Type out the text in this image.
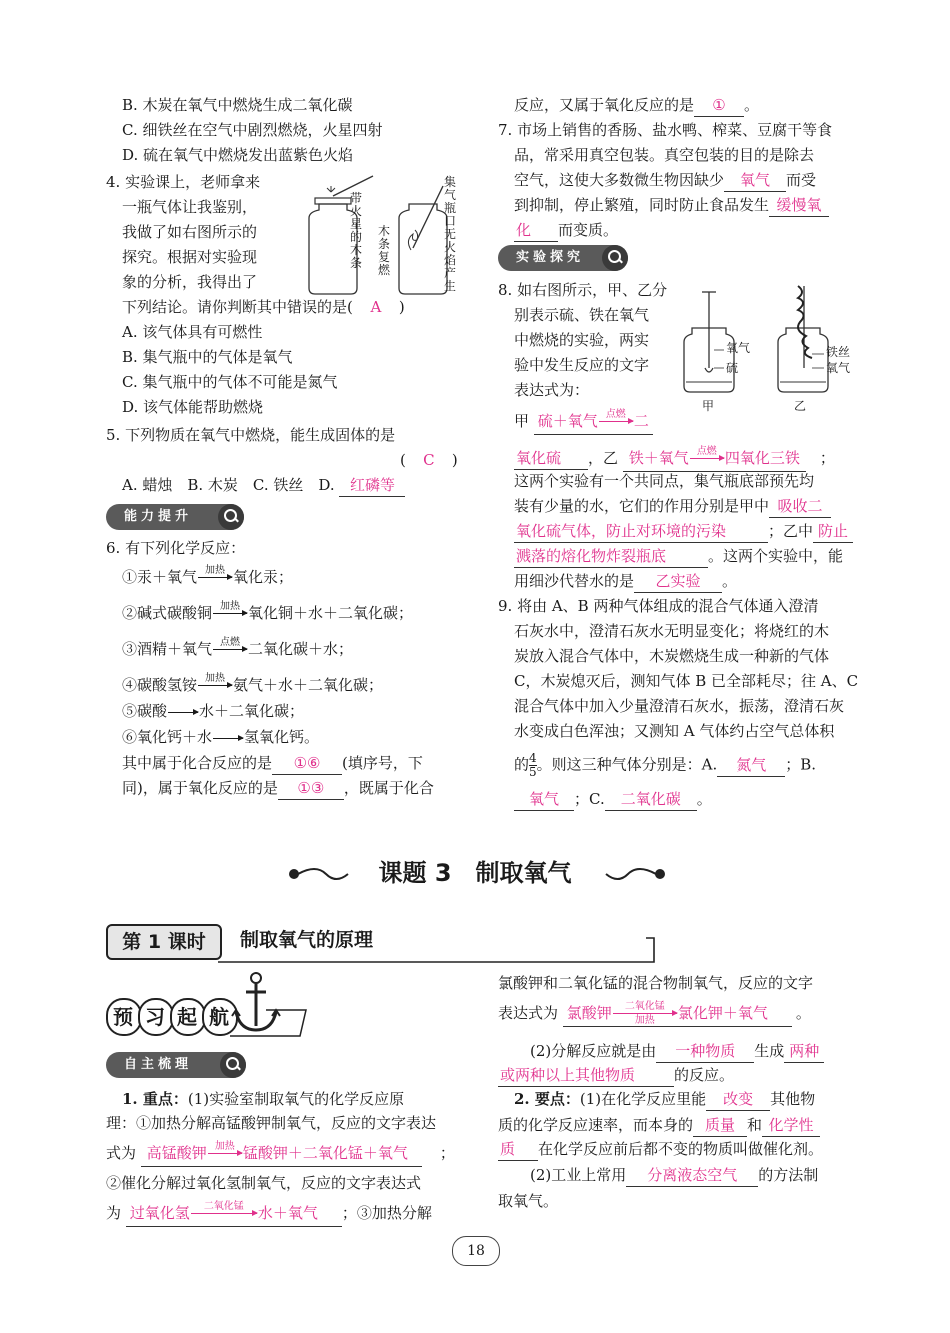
B. 木炭在氧气中燃烧生成二氧化碳
C. 细铁丝在空气中剧烈燃烧，火星四射
D. 硫在氧气中燃烧发出蓝紫色火焰
4. 实验课上，老师拿来
一瓶气体让我鉴别，
我做了如右图所示的
探究。根据对实验现
象的分析，我得出了
下列结论。请你判断其中错误的是( A )
带火星的木条
木条复燃
集气瓶口无火焰产生
A. 该气体具有可燃性
B. 集气瓶中的气体是氧气
C. 集气瓶中的气体不可能是氮气
D. 该气体能帮助燃烧
5. 下列物质在氧气中燃烧，能生成固体的是
( C )
A. 蜡烛　B. 木炭　C. 铁丝　D. 红磷等
能力提升
6. 有下列化学反应：
①汞＋氧气 加热
氧化汞；
②碱式碳酸铜 加热
氧化铜＋水＋二氧化碳；
③酒精＋氧气 点燃
二氧化碳＋水；
④碳酸氢铵 加热
氨气＋水＋二氧化碳；
⑤碳酸→水＋二氧化碳；
⑥氧化钙＋水→氢氧化钙。
其中属于化合反应的是 ①⑥ (填序号，下
同)，属于氧化反应的是 ①③ ，既属于化合
反应，又属于氧化反应的是 ① 。
7. 市场上销售的香肠、盐水鸭、榨菜、豆腐干等食
品，常采用真空包装。真空包装的目的是除去
空气，这使大多数微生物因缺少 氧气 而受
到抑制，停止繁殖，同时防止食品发生 缓慢氧
化 而变质。
实验探究
8. 如右图所示，甲、乙分
别表示硫、铁在氧气
中燃烧的实验，两实
验中发生反应的文字
表达式为：
氧气
硫
铁丝
氧气
甲	乙
甲 硫＋氧气 点燃
二
氧化硫 ，乙 铁＋氧气 点燃
四氧化三铁 ；
这两个实验有一个共同点，集气瓶底部预先均
装有少量的水，它们的作用分别是甲中 吸收二
氧化硫气体，防止对环境的污染	；乙中 防止
溅落的熔化物炸裂瓶底	。这两个实验中，能
用细沙代替水的是 乙实验 。
9. 将由 A、B 两种气体组成的混合气体通入澄清
石灰水中，澄清石灰水无明显变化；将烧红的木
炭放入混合气体中，木炭燃烧生成一种新的气体
C，木炭熄灭后，测知气体 B 已全部耗尽；往 A、C
混合气体中加入少量澄清石灰水，振荡，澄清石灰
水变成白色浑浊；又测知 A 气体约占空气总体积
的 $\frac{4}{5}$ 。则这三种气体分别是：A. 氮气 ；B.
氧气 ；C. 二氧化碳 。
课题 3　制取氧气
第 1 课时	制取氧气的原理
预 习 起 航
自主梳理
1. 重点：(1)实验室制取氧气的化学反应原
理：①加热分解高锰酸钾制氧气，反应的文字表达
式为 高锰酸钾 加热
锰酸钾＋二氧化锰＋氧气 ；
②催化分解过氧化氢制氧气，反应的文字表达式
为 过氧化氢	二氧化锰
水＋氧气 ；③加热分解
氯酸钾和二氧化锰的混合物制氧气，反应的文字
表达式为 氯酸钾	二氧化锰
加热	氯化钾＋氧气 。
(2)分解反应就是由 一种物质 生成 两种
或两种以上其他物质	的反应。
2. 要点：(1)在化学反应里能 改变 其他物
质的化学反应速率，而本身的 质量 和 化学性
质 在化学反应前后都不变的物质叫做催化剂。
(2)工业上常用 分离液态空气 的方法制
取氧气。
18
